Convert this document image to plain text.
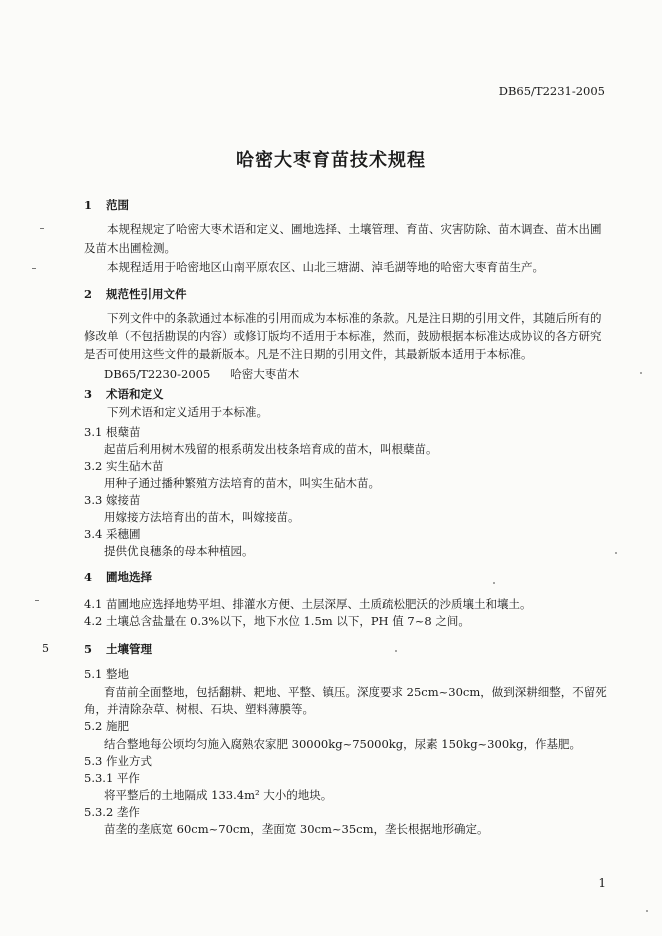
DB65/T2231-2005
哈密大枣育苗技术规程
1 范围
本规程规定了哈密大枣术语和定义、圃地选择、土壤管理、育苗、灾害防除、苗木调查、苗木出圃
及苗木出圃检测。
本规程适用于哈密地区山南平原农区、山北三塘湖、淖毛湖等地的哈密大枣育苗生产。
2 规范性引用文件
下列文件中的条款通过本标准的引用而成为本标准的条款。凡是注日期的引用文件，其随后所有的
修改单（不包括勘误的内容）或修订版均不适用于本标准，然而，鼓励根据本标准达成协议的各方研究
是否可使用这些文件的最新版本。凡是不注日期的引用文件，其最新版本适用于本标准。
DB65/T2230-2005 哈密大枣苗木
3 术语和定义
下列术语和定义适用于本标准。
3.1 根蘖苗
起苗后利用树木残留的根系萌发出枝条培育成的苗木，叫根蘖苗。
3.2 实生砧木苗
用种子通过播种繁殖方法培育的苗木，叫实生砧木苗。
3.3 嫁接苗
用嫁接方法培育出的苗木，叫嫁接苗。
3.4 采穗圃
提供优良穗条的母本种植园。
4 圃地选择
4.1 苗圃地应选择地势平坦、排灌水方便、土层深厚、土质疏松肥沃的沙质壤土和壤土。
4.2 土壤总含盐量在 0.3%以下，地下水位 1.5m 以下，PH 值 7~8 之间。
5	5 土壤管理
5.1 整地
育苗前全面整地，包括翻耕、耙地、平整、镇压。深度要求 25cm~30cm，做到深耕细整，不留死
角，并清除杂草、树根、石块、塑料薄膜等。
5.2 施肥
结合整地每公顷均匀施入腐熟农家肥 30000kg~75000kg，尿素 150kg~300kg，作基肥。
5.3 作业方式
5.3.1 平作
将平整后的土地隔成 133.4m² 大小的地块。
5.3.2 垄作
苗垄的垄底宽 60cm~70cm，垄面宽 30cm~35cm，垄长根据地形确定。
1
